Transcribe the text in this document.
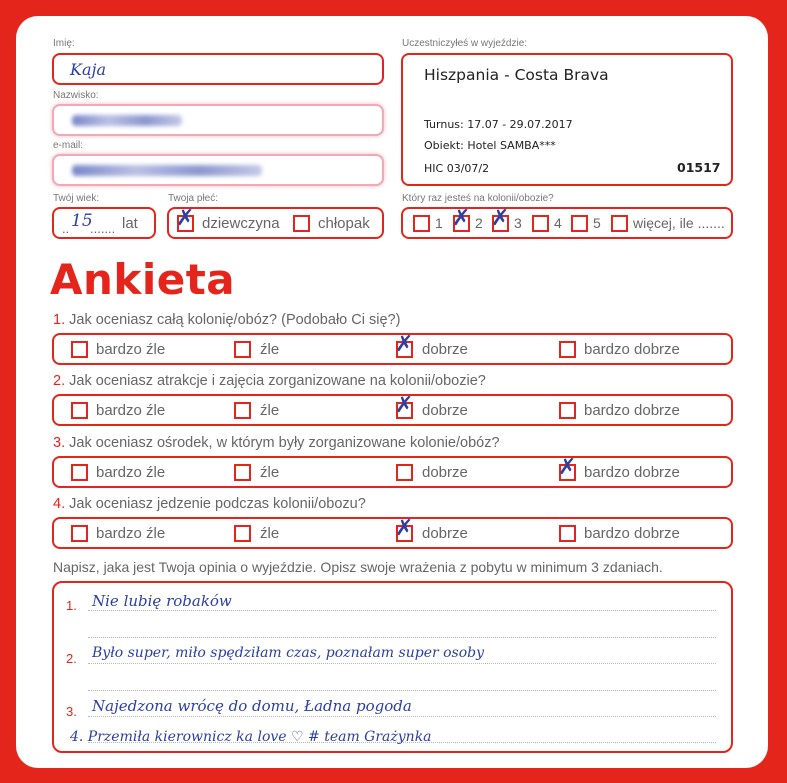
Imię:
Kaja
Nazwisko:
e-mail:
Twój wiek:
.. 15
....... lat
Twoja płeć:
✗ dziewczyna	chłopak
Uczestniczyłeś w wyjeździe:
Hiszpania - Costa Brava
Turnus: 17.07 - 29.07.2017
Obiekt: Hotel SAMBA***
HIC 03/07/2	01517
Który raz jesteś na kolonii/obozie?
1 ✗ 2 ✗ 3 4 5 więcej, ile .......
Ankieta
1. Jak oceniasz całą kolonię/obóz? (Podobało Ci się?)
bardzo źle	źle	✗ dobrze	bardzo dobrze
2. Jak oceniasz atrakcje i zajęcia zorganizowane na kolonii/obozie?
bardzo źle	źle	✗ dobrze	bardzo dobrze
3. Jak oceniasz ośrodek, w którym były zorganizowane kolonie/obóz?
bardzo źle	źle	dobrze	✗ bardzo dobrze
4. Jak oceniasz jedzenie podczas kolonii/obozu?
bardzo źle	źle	✗ dobrze	bardzo dobrze
Napisz, jaka jest Twoja opinia o wyjeździe. Opisz swoje wrażenia z pobytu w minimum 3 zdaniach.
1.
2.
3.
Nie lubię robaków
Było super, miło spędziłam czas, poznałam super osoby
Najedzona wrócę do domu, Ładna pogoda
4. Przemiła kierownicz ka love ♡ # team Grażynka
